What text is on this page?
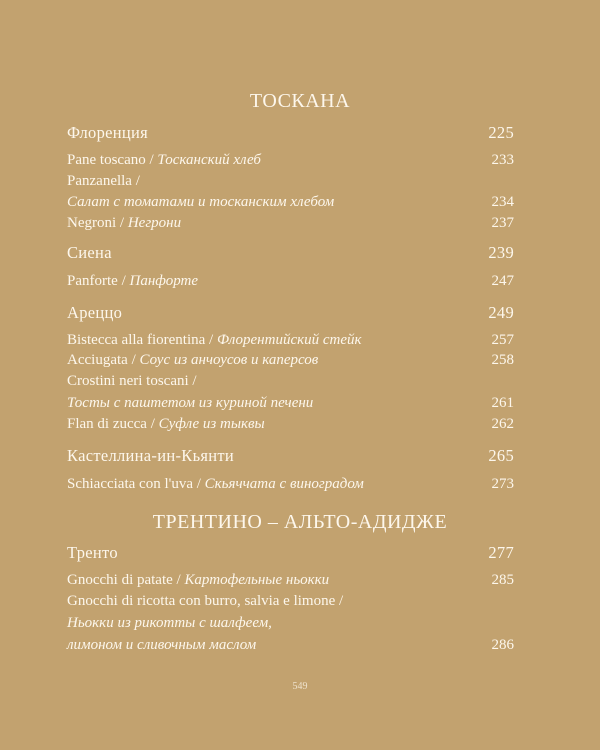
ТОСКАНА
Флоренция	225
Pane toscano / Тосканский хлеб	233
Panzanella /
Салат с томатами и тосканским хлебом	234
Negroni / Негрони	237
Сиена	239
Panforte / Панфорте	247
Ареццо	249
Bistecca alla fiorentina / Флорентийский стейк	257
Acciugata / Соус из анчоусов и каперсов	258
Crostini neri toscani /
Тосты с паштетом из куриной печени	261
Flan di zucca / Суфле из тыквы	262
Кастеллина-ин-Кьянти	265
Schiacciata con l'uva / Скьяччата с виноградом	273
ТРЕНТИНО – АЛЬТО-АДИДЖЕ
Тренто	277
Gnocchi di patate / Картофельные ньокки	285
Gnocchi di ricotta con burro, salvia e limone /
Ньокки из рикотты с шалфеем,
лимоном и сливочным маслом	286
549
